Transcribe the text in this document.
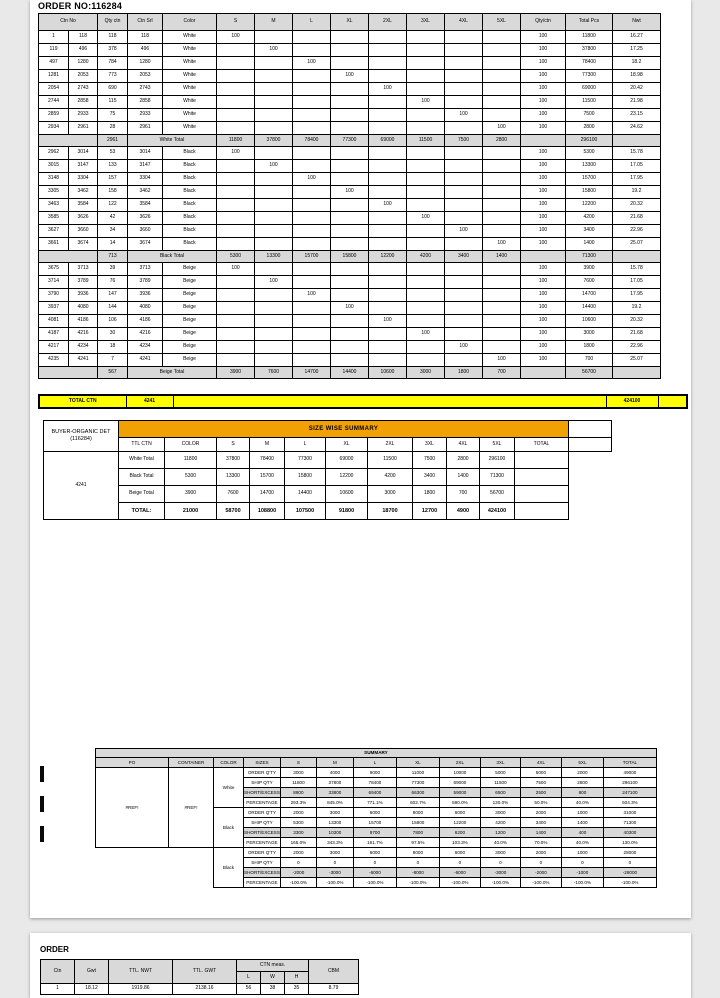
ORDER NO:116284
Ctn No		Qty ctn	Ctn Srl	Color	S	M	L	XL	2XL	3XL	4XL	5XL	Qty/ctn	Total Pcs	Nwt
1	118	118	118	White	100								100	11800	16.27
119	496	378	496	White		100							100	37800	17.25
497	1280	784	1280	White			100						100	78400	18.2
1281	2053	773	2053	White				100					100	77300	18.98
2054	2743	690	2743	White					100				100	69000	20.42
2744	2858	115	2858	White						100			100	11500	21.98
2859	2933	75	2933	White							100		100	7500	23.15
2934	2961	28	2961	White								100	100	2800	24.62
		2961	White Total		11800	37800	78400	77300	69000	11500	7500	2800		296100	
2962	3014	53	3014	Black	100								100	5300	15.78
3015	3147	133	3147	Black		100							100	13300	17.05
3148	3304	157	3304	Black			100						100	15700	17.95
3305	3462	158	3462	Black				100					100	15800	19.2
3463	3584	122	3584	Black					100				100	12200	20.32
3585	3626	42	3626	Black						100			100	4200	21.68
3627	3660	34	3660	Black							100		100	3400	22.96
3661	3674	14	3674	Black								100	100	1400	25.07
		713	Black Total		5300	13300	15700	15800	12200	4200	3400	1400		71300	
3675	3713	39	3713	Beige	100								100	3900	15.78
3714	3789	76	3789	Beige		100							100	7600	17.05
3790	3936	147	3936	Beige			100						100	14700	17.95
3937	4080	144	4080	Beige				100					100	14400	19.2
4081	4186	106	4186	Beige					100				100	10600	20.32
4187	4216	30	4216	Beige						100			100	3000	21.68
4217	4234	18	4234	Beige							100		100	1800	22.96
4235	4241	7	4241	Beige								100	100	700	25.07
		567	Beige Total		3900	7600	14700	14400	10600	3000	1800	700		56700	
TOTAL CTN	4241		424100	
BUYER-ORGANIC DET
(116284)	SIZE WISE SUMMARY											
	TTL CTN	COLOR	S	M	L	XL	2XL	3XL	4XL	5XL	TOTAL	
4241	White Total	11800	37800	78400	77300	69000	11500	7500	2800	296100		
	Black Total	5300	13300	15700	15800	12200	4200	3400	1400	71300		
	Beige Total	3900	7600	14700	14400	10600	3000	1800	700	56700		
	TOTAL:	21000	58700	108800	107500	91800	18700	12700	4900	424100		
SUMMARY												
PO	CONTAINER	COLOR	SIZES	S	M	L	XL	2XL	3XL	4XL	5XL	TOTAL
#REF!	#REF!	White	ORDER Q'TY	3000	4000	9000	11000	10000	5000	5000	2000	49000
			SHIP QTY	11800	37800	78400	77300	69000	11500	7500	2800	296100
			SHORT/EXCESS	8800	33800	69400	66300	59000	6500	2500	800	247100
			PERCENTAGE	293.3%	845.0%	771.1%	602.7%	590.0%	130.0%	50.0%	40.0%	504.3%
		Black	ORDER Q'TY	2000	3000	6000	8000	6000	3000	2000	1000	31000
			SHIP QTY	5300	13300	15700	15800	12200	4200	3400	1400	71300
			SHORT/EXCESS	3300	10300	9700	7800	6200	1200	1400	400	40300
			PERCENTAGE	165.0%	343.3%	161.7%	97.5%	103.3%	40.0%	70.0%	40.0%	130.0%
		Black	ORDER Q'TY	2000	3000	6000	8000	6000	3000	2000	1000	28000
			SHIP QTY	0	0	0	0	0	0	0	0	0
			SHORT/EXCESS	-2000	-3000	-6000	-8000	-6000	-3000	-2000	-1000	-28000
			PERCENTAGE	-100.0%	-100.0%	-100.0%	-100.0%	-100.0%	-100.0%	-100.0%	-100.0%	-100.0%
ORDER
Ctn	Gwt	TTL. NWT	TTL. GWT	CTN meas.			CBM
				L	W	H	
1	18.12	1919.86	2138.16	56	38	35	8.79
